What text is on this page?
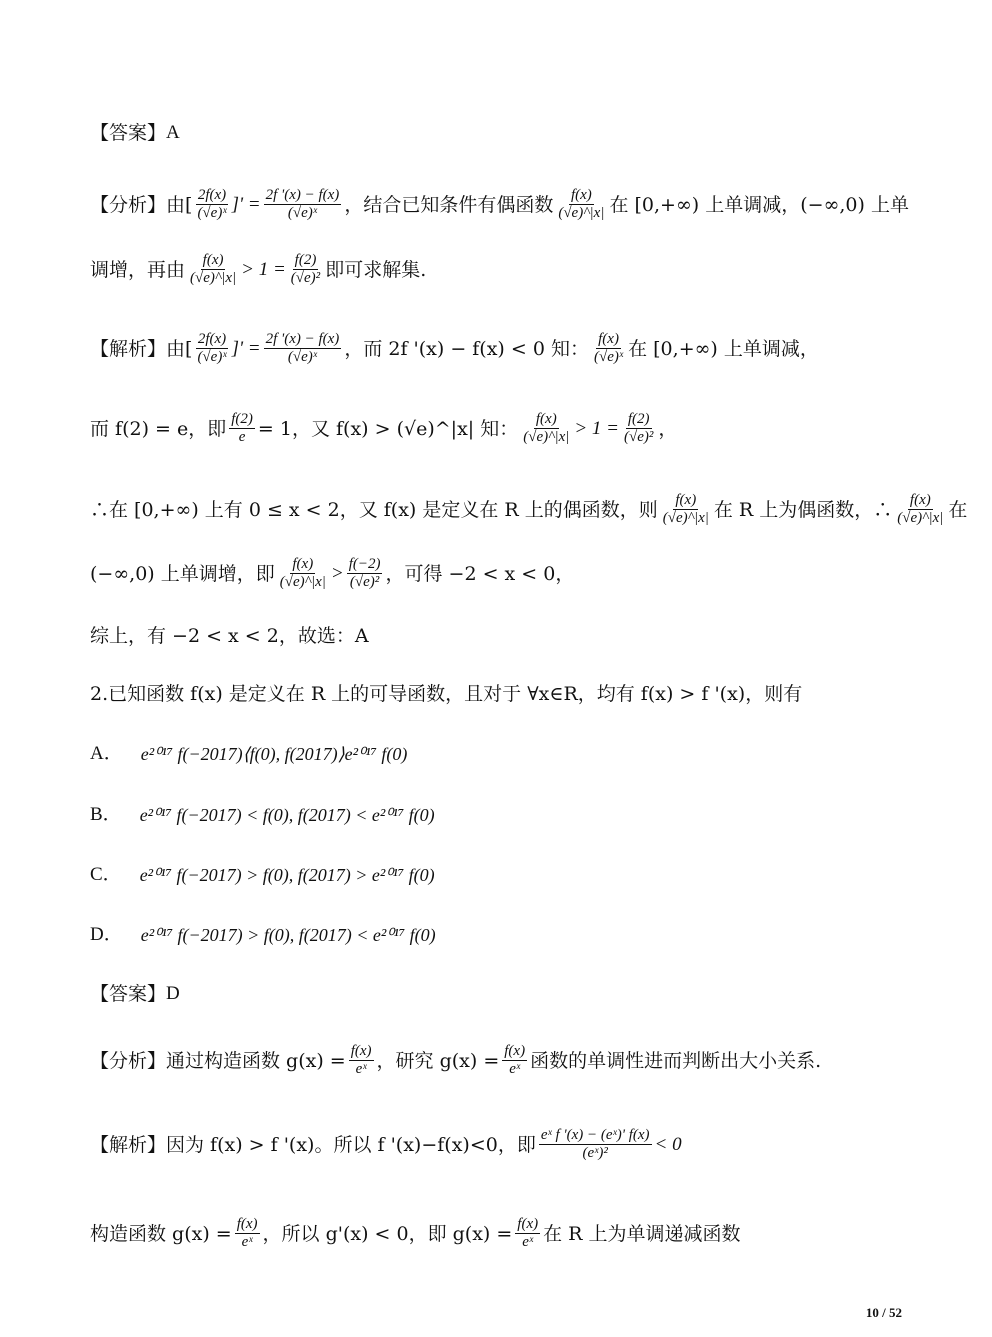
【答案】 A
【分析】 由[ $\frac{2f(x)}{\text{(√e)ˣ}}$ ]' = $\frac{2f '(x) - f(x)}{\text{(√e)ˣ}}$ ，结合已知条件有偶函数 $\frac{f(x)}{(√e)\^{}|x|}$ 在 [0,+∞) 上单调减，(−∞,0) 上单
调增，再由 $\frac{f(x)}{(√e)\^{}|x|} > 1 = \frac{f(2)}{\text{(√e)²}}$ 即可求解集.
【解析】 由[ $\frac{2f(x)}{\text{(√e)ˣ}}$ ]' = $\frac{2f '(x) - f(x)}{\text{(√e)ˣ}}$ ，而 2f '(x) − f(x) < 0 知： $\frac{f(x)}{\text{(√e)ˣ}}$ 在 [0,+∞) 上单调减，
而 f(2) = e，即 $\frac{f(2)}{e} = 1$，又 f(x) > (√e)^|x| 知： $\frac{f(x)}{(√e)\^{}|x|} > 1 = \frac{f(2)}{\text{(√e)²}}$ ，
∴在 [0,+∞) 上有 0 ≤ x < 2，又 f(x) 是定义在 R 上的偶函数，则 $\frac{f(x)}{(√e)\^{}|x|}$ 在 R 上为偶函数，∴ $\frac{f(x)}{(√e)\^{}|x|}$ 在
(−∞,0) 上单调增，即 $\frac{f(x)}{(√e)\^{}|x|} > \frac{f(-2)}{\text{(√e)²}}$ ，可得 −2 < x < 0，
综上，有 −2 < x < 2，故选：A
2.已知函数 f(x) 是定义在 R 上的可导函数，且对于 ∀x∈R，均有 f(x) > f '(x)，则有
A． e²⁰¹⁷ f(−2017)⟨f(0), f(2017)⟩e²⁰¹⁷ f(0)
B． e²⁰¹⁷ f(−2017) < f(0), f(2017) < e²⁰¹⁷ f(0)
C． e²⁰¹⁷ f(−2017) > f(0), f(2017) > e²⁰¹⁷ f(0)
D． e²⁰¹⁷ f(−2017) > f(0), f(2017) < e²⁰¹⁷ f(0)
【答案】 D
【分析】 通过构造函数 $g(x) = \frac{f(x)}{\text{eˣ}}$ ，研究 $g(x) = \frac{f(x)}{\text{eˣ}}$ 函数的单调性进而判断出大小关系.
【解析】 因为 f(x) > f '(x)。所以 f '(x)−f(x)<0，即 $\frac{\text{eˣ f '(x) − (eˣ)' f(x)}}{\text{(eˣ)²}} < 0$
构造函数 $g(x) = \frac{f(x)}{\text{eˣ}}$ ，所以 g'(x) < 0，即 $g(x) = \frac{f(x)}{\text{eˣ}}$ 在 R 上为单调递减函数
10 / 52
